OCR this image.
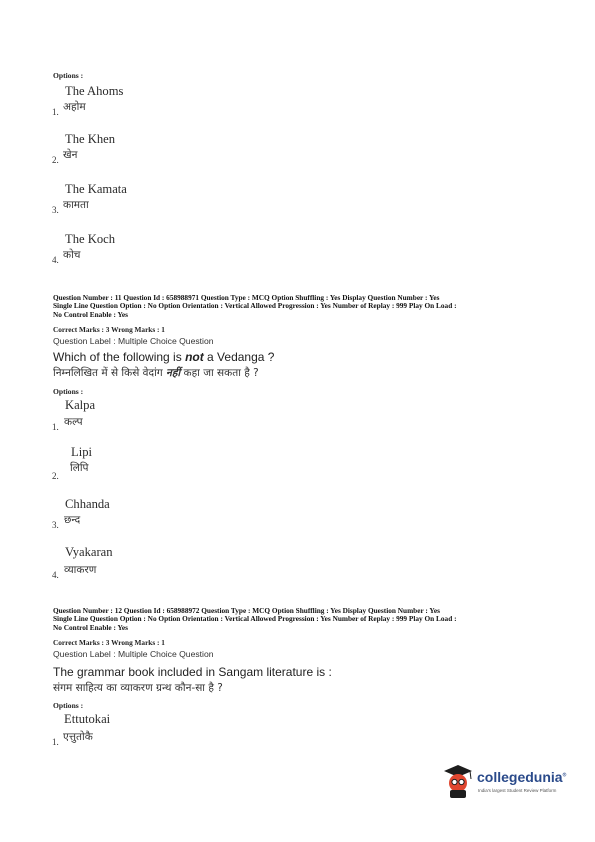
Options :
The Ahoms
1. अहोम
The Khen
2. खेन
The Kamata
3. कामता
The Koch
4. कोच
Question Number : 11 Question Id : 658988971 Question Type : MCQ Option Shuffling : Yes Display Question Number : Yes
Single Line Question Option : No Option Orientation : Vertical Allowed Progression : Yes Number of Replay : 999 Play On Load :
No Control Enable : Yes
Correct Marks : 3 Wrong Marks : 1
Question Label : Multiple Choice Question
Which of the following is not a Vedanga ?
निम्नलिखित में से किसे वेदांग नहीं कहा जा सकता है ?
Options :
Kalpa
1. कल्प
Lipi
2.
लिपि
Chhanda
3. छन्द
Vyakaran
4. व्याकरण
Question Number : 12 Question Id : 658988972 Question Type : MCQ Option Shuffling : Yes Display Question Number : Yes
Single Line Question Option : No Option Orientation : Vertical Allowed Progression : Yes Number of Replay : 999 Play On Load :
No Control Enable : Yes
Correct Marks : 3 Wrong Marks : 1
Question Label : Multiple Choice Question
The grammar book included in Sangam literature is :
संगम साहित्य का व्याकरण ग्रन्थ कौन-सा है ?
Options :
Ettutokai
1. एत्तुतोकै
collegedunia®
India's largest Student Review Platform
